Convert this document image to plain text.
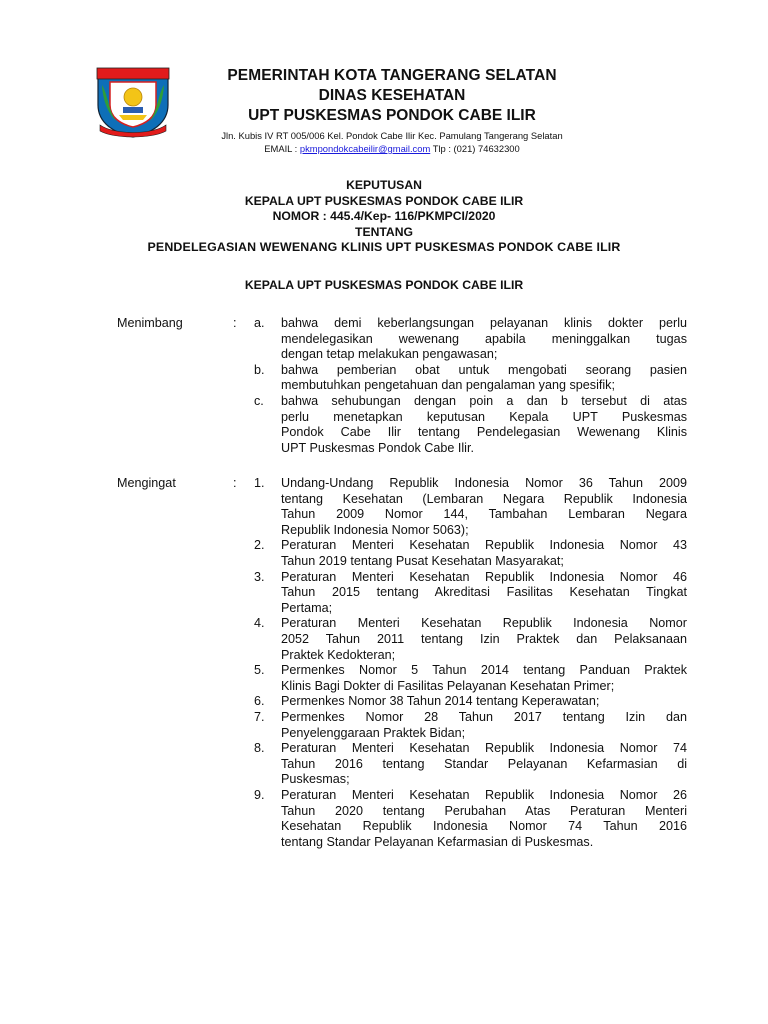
PEMERINTAH KOTA TANGERANG SELATAN
DINAS KESEHATAN
UPT PUSKESMAS PONDOK CABE ILIR
Jln. Kubis IV RT 005/006 Kel. Pondok Cabe Ilir Kec. Pamulang Tangerang Selatan
EMAIL : pkmpondokcabeilir@gmail.com Tlp : (021) 74632300
KEPUTUSAN
KEPALA UPT PUSKESMAS PONDOK CABE ILIR
NOMOR : 445.4/Kep- 116/PKMPCI/2020
TENTANG
PENDELEGASIAN WEWENANG KLINIS UPT PUSKESMAS PONDOK CABE ILIR
KEPALA UPT PUSKESMAS PONDOK CABE ILIR
Menimbang	: a. bahwa demi keberlangsungan pelayanan klinis dokter perlu
mendelegasikan wewenang apabila meninggalkan tugas
dengan tetap melakukan pengawasan;
b. bahwa pemberian obat untuk mengobati seorang pasien
membutuhkan pengetahuan dan pengalaman yang spesifik;
c. bahwa sehubungan dengan poin a dan b tersebut di atas
perlu menetapkan keputusan Kepala UPT Puskesmas
Pondok Cabe Ilir tentang Pendelegasian Wewenang Klinis
UPT Puskesmas Pondok Cabe Ilir.
Mengingat	: 1. Undang-Undang Republik Indonesia Nomor 36 Tahun 2009
tentang Kesehatan (Lembaran Negara Republik Indonesia
Tahun 2009 Nomor 144, Tambahan Lembaran Negara
Republik Indonesia Nomor 5063);
2. Peraturan Menteri Kesehatan Republik Indonesia Nomor 43
Tahun 2019 tentang Pusat Kesehatan Masyarakat;
3. Peraturan Menteri Kesehatan Republik Indonesia Nomor 46
Tahun 2015 tentang Akreditasi Fasilitas Kesehatan Tingkat
Pertama;
4. Peraturan Menteri Kesehatan Republik Indonesia Nomor
2052 Tahun 2011 tentang Izin Praktek dan Pelaksanaan
Praktek Kedokteran;
5. Permenkes Nomor 5 Tahun 2014 tentang Panduan Praktek
Klinis Bagi Dokter di Fasilitas Pelayanan Kesehatan Primer;
6. Permenkes Nomor 38 Tahun 2014 tentang Keperawatan;
7. Permenkes Nomor 28 Tahun 2017 tentang Izin dan
Penyelenggaraan Praktek Bidan;
8. Peraturan Menteri Kesehatan Republik Indonesia Nomor 74
Tahun 2016 tentang Standar Pelayanan Kefarmasian di
Puskesmas;
9. Peraturan Menteri Kesehatan Republik Indonesia Nomor 26
Tahun 2020 tentang Perubahan Atas Peraturan Menteri
Kesehatan Republik Indonesia Nomor 74 Tahun 2016
tentang Standar Pelayanan Kefarmasian di Puskesmas.
